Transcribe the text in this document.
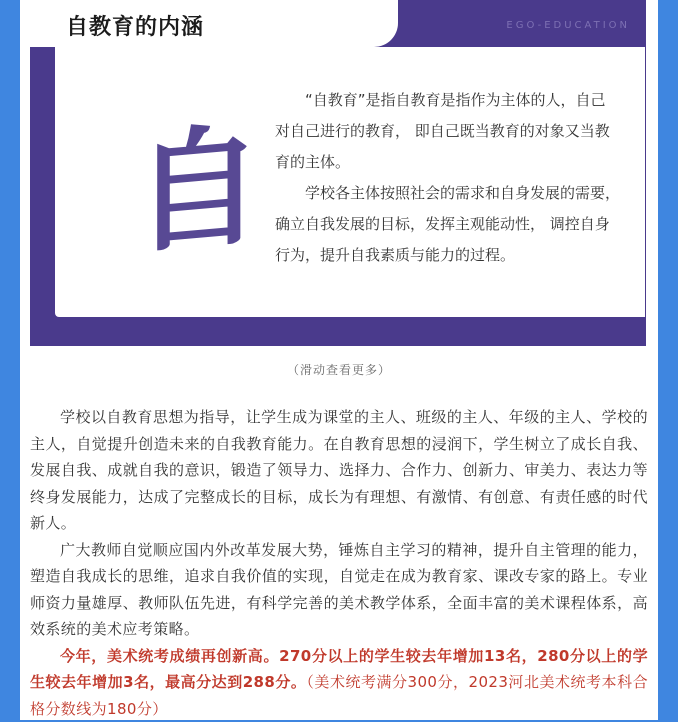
自教育的内涵	EGO-EDUCATION
自

“自教育”是指自教育是指作为主体的人，自己对自己进行的教育， 即自己既当教育的对象又当教育的主体。

学校各主体按照社会的需求和自身发展的需要，确立自我发展的目标，发挥主观能动性， 调控自身行为，提升自我素质与能力的过程。

（滑动查看更多）

学校以自教育思想为指导，让学生成为课堂的主人、班级的主人、年级的主人、学校的主人，自觉提升创造未来的自我教育能力。在自教育思想的浸润下，学生树立了成长自我、发展自我、成就自我的意识，锻造了领导力、选择力、合作力、创新力、审美力、表达力等终身发展能力，达成了完整成长的目标，成长为有理想、有激情、有创意、有责任感的时代新人。

广大教师自觉顺应国内外改革发展大势，锤炼自主学习的精神，提升自主管理的能力，塑造自我成长的思维，追求自我价值的实现，自觉走在成为教育家、课改专家的路上。专业师资力量雄厚、教师队伍先进，有科学完善的美术教学体系，全面丰富的美术课程体系，高效系统的美术应考策略。

今年，美术统考成绩再创新高。270分以上的学生较去年增加13名，280分以上的学生较去年增加3名，最高分达到288分。（美术统考满分300分，2023河北美术统考本科合格分数线为180分）
